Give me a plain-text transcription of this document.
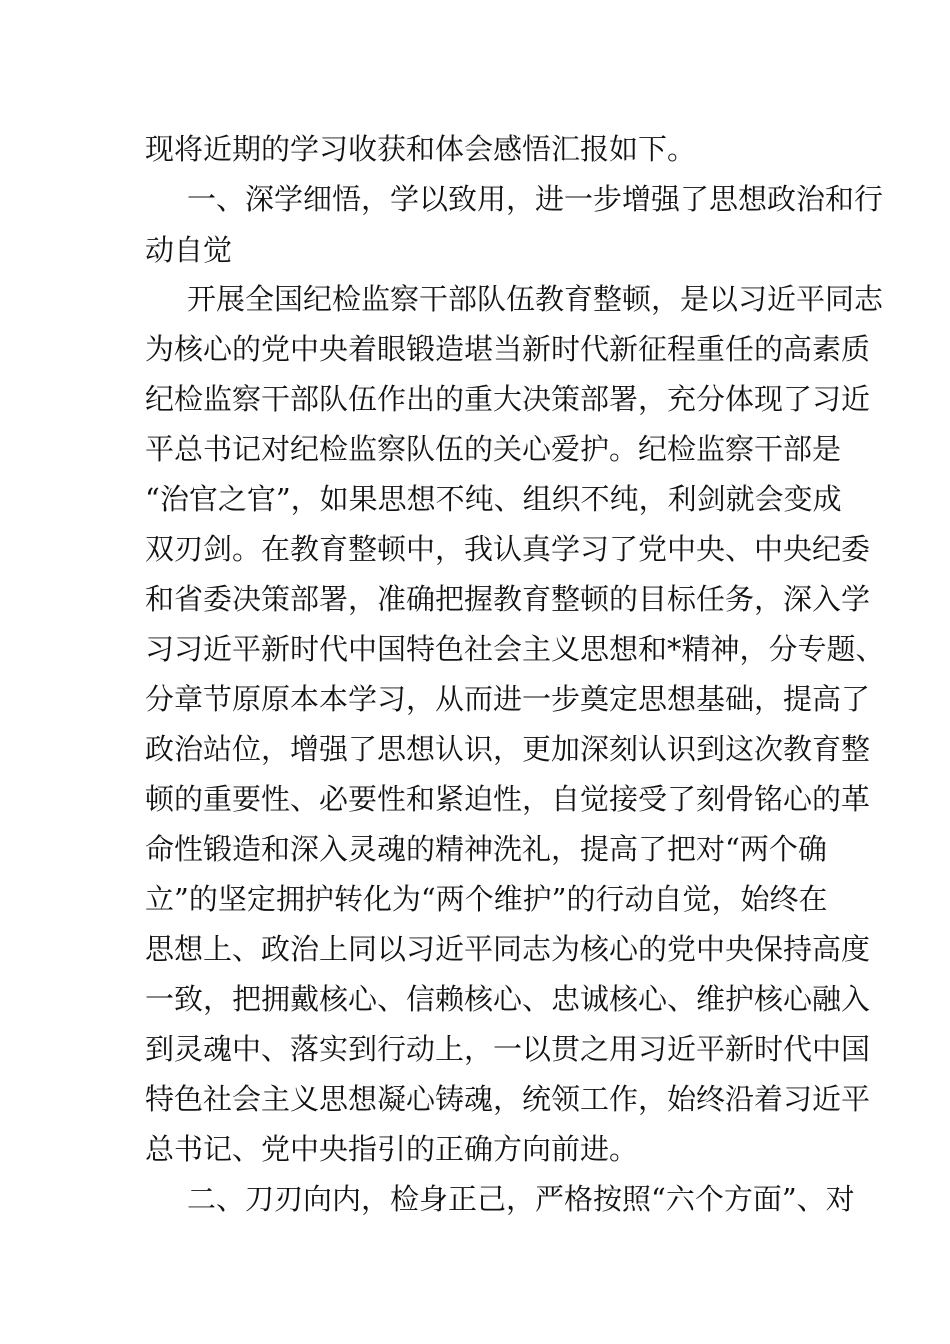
现将近期的学习收获和体会感悟汇报如下。

一、深学细悟，学以致用，进一步增强了思想政治和行

动自觉

开展全国纪检监察干部队伍教育整顿，是以习近平同志

为核心的党中央着眼锻造堪当新时代新征程重任的高素质

纪检监察干部队伍作出的重大决策部署，充分体现了习近

平总书记对纪检监察队伍的关心爱护。纪检监察干部是

“治官之官”，如果思想不纯、组织不纯，利剑就会变成

双刃剑。在教育整顿中，我认真学习了党中央、中央纪委

和省委决策部署，准确把握教育整顿的目标任务，深入学

习习近平新时代中国特色社会主义思想和*精神，分专题、

分章节原原本本学习，从而进一步奠定思想基础，提高了

政治站位，增强了思想认识，更加深刻认识到这次教育整

顿的重要性、必要性和紧迫性，自觉接受了刻骨铭心的革

命性锻造和深入灵魂的精神洗礼，提高了把对“两个确

立”的坚定拥护转化为“两个维护”的行动自觉，始终在

思想上、政治上同以习近平同志为核心的党中央保持高度

一致，把拥戴核心、信赖核心、忠诚核心、维护核心融入

到灵魂中、落实到行动上，一以贯之用习近平新时代中国

特色社会主义思想凝心铸魂，统领工作，始终沿着习近平

总书记、党中央指引的正确方向前进。

二、刀刃向内，检身正己，严格按照“六个方面”、对
